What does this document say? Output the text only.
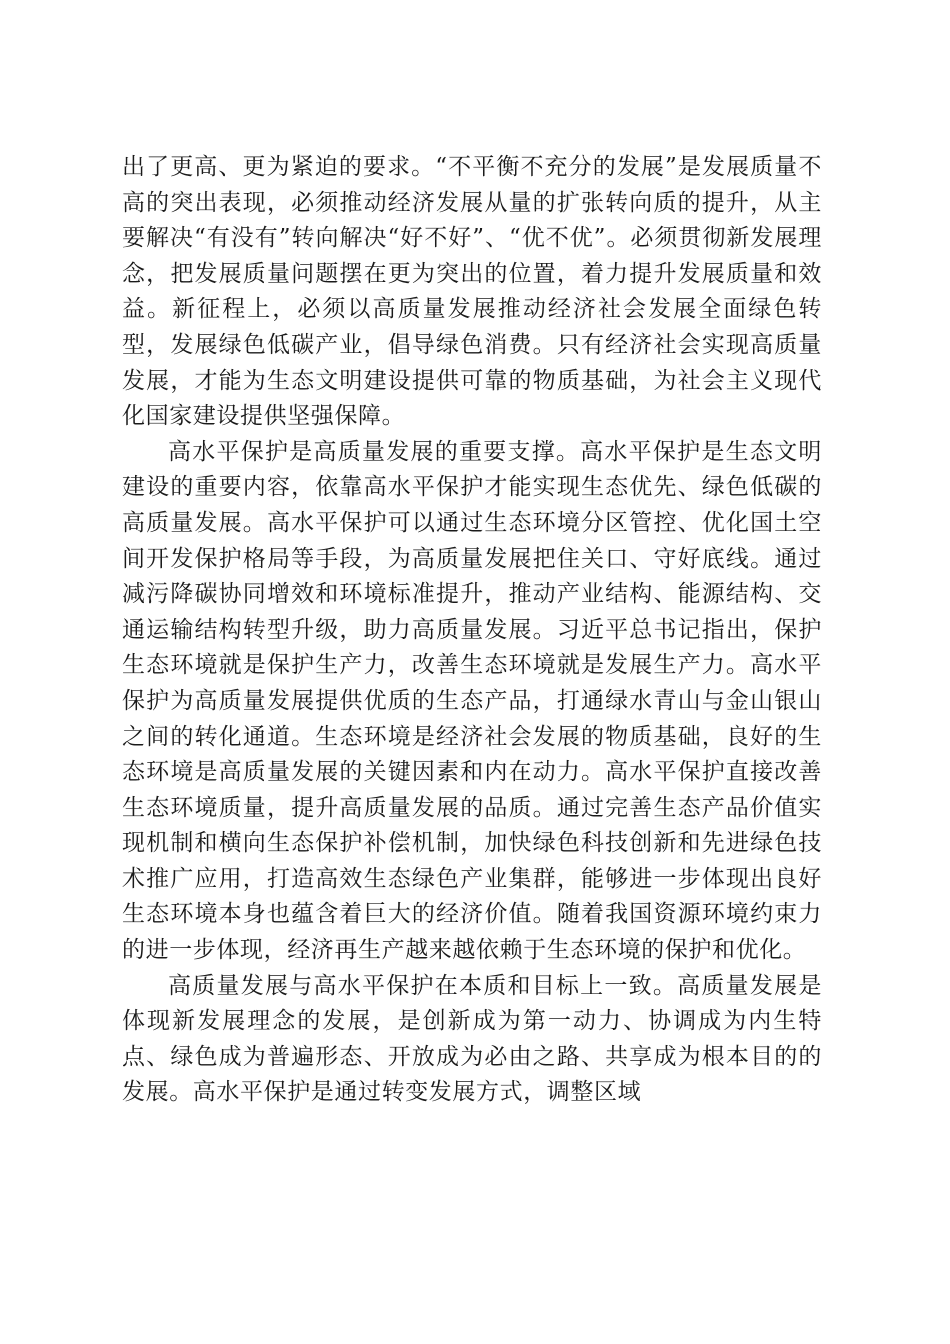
出了更高、更为紧迫的要求。“不平衡不充分的发展”是发展质量不高的突出表现，必须推动经济发展从量的扩张转向质的提升，从主要解决“有没有”转向解决“好不好”、“优不优”。必须贯彻新发展理念，把发展质量问题摆在更为突出的位置，着力提升发展质量和效益。新征程上，必须以高质量发展推动经济社会发展全面绿色转型，发展绿色低碳产业，倡导绿色消费。只有经济社会实现高质量发展，才能为生态文明建设提供可靠的物质基础，为社会主义现代化国家建设提供坚强保障。

高水平保护是高质量发展的重要支撑。高水平保护是生态文明建设的重要内容，依靠高水平保护才能实现生态优先、绿色低碳的高质量发展。高水平保护可以通过生态环境分区管控、优化国土空间开发保护格局等手段，为高质量发展把住关口、守好底线。通过减污降碳协同增效和环境标准提升，推动产业结构、能源结构、交通运输结构转型升级，助力高质量发展。习近平总书记指出，保护生态环境就是保护生产力，改善生态环境就是发展生产力。高水平保护为高质量发展提供优质的生态产品，打通绿水青山与金山银山之间的转化通道。生态环境是经济社会发展的物质基础，良好的生态环境是高质量发展的关键因素和内在动力。高水平保护直接改善生态环境质量，提升高质量发展的品质。通过完善生态产品价值实现机制和横向生态保护补偿机制，加快绿色科技创新和先进绿色技术推广应用，打造高效生态绿色产业集群，能够进一步体现出良好生态环境本身也蕴含着巨大的经济价值。随着我国资源环境约束力的进一步体现，经济再生产越来越依赖于生态环境的保护和优化。

高质量发展与高水平保护在本质和目标上一致。高质量发展是体现新发展理念的发展，是创新成为第一动力、协调成为内生特点、绿色成为普遍形态、开放成为必由之路、共享成为根本目的的发展。高水平保护是通过转变发展方式，调整区域
